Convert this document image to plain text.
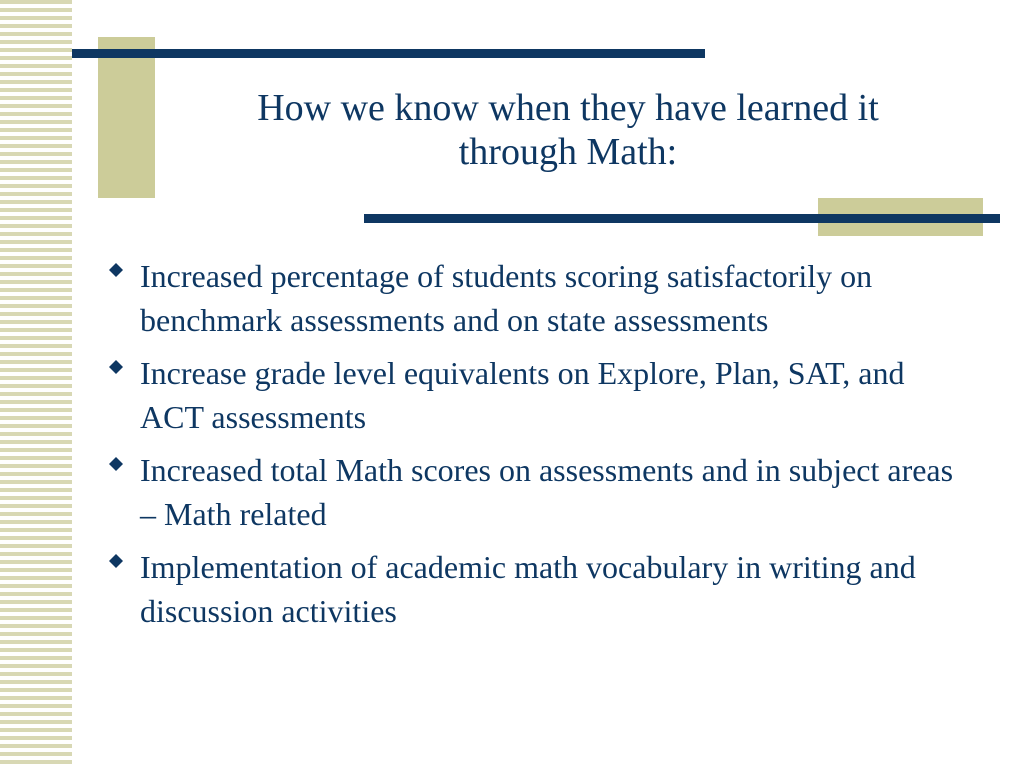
How we know when they have learned it
through Math:
Increased percentage of students scoring satisfactorily on benchmark assessments and on state assessments
Increase grade level equivalents on Explore, Plan, SAT, and ACT assessments
Increased total Math scores on assessments and in subject areas – Math related
Implementation of academic math vocabulary in writing and discussion activities
